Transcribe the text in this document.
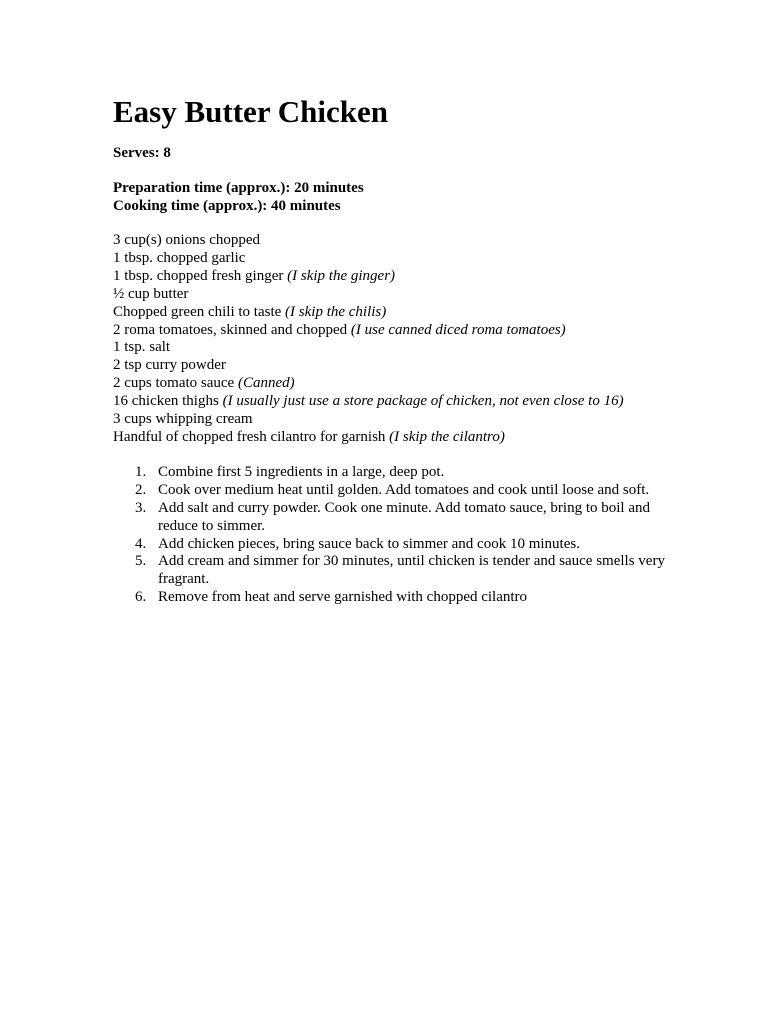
Easy Butter Chicken
Serves: 8
Preparation time (approx.): 20 minutes
Cooking time (approx.): 40 minutes
3 cup(s) onions chopped
1 tbsp. chopped garlic
1 tbsp. chopped fresh ginger (I skip the ginger)
½ cup butter
Chopped green chili to taste (I skip the chilis)
2 roma tomatoes, skinned and chopped (I use canned diced roma tomatoes)
1 tsp. salt
2 tsp curry powder
2 cups tomato sauce (Canned)
16 chicken thighs (I usually just use a store package of chicken, not even close to 16)
3 cups whipping cream
Handful of chopped fresh cilantro for garnish (I skip the cilantro)
1. Combine first 5 ingredients in a large, deep pot.
2. Cook over medium heat until golden. Add tomatoes and cook until loose and soft.
3. Add salt and curry powder. Cook one minute. Add tomato sauce, bring to boil and reduce to simmer.
4. Add chicken pieces, bring sauce back to simmer and cook 10 minutes.
5. Add cream and simmer for 30 minutes, until chicken is tender and sauce smells very fragrant.
6. Remove from heat and serve garnished with chopped cilantro
